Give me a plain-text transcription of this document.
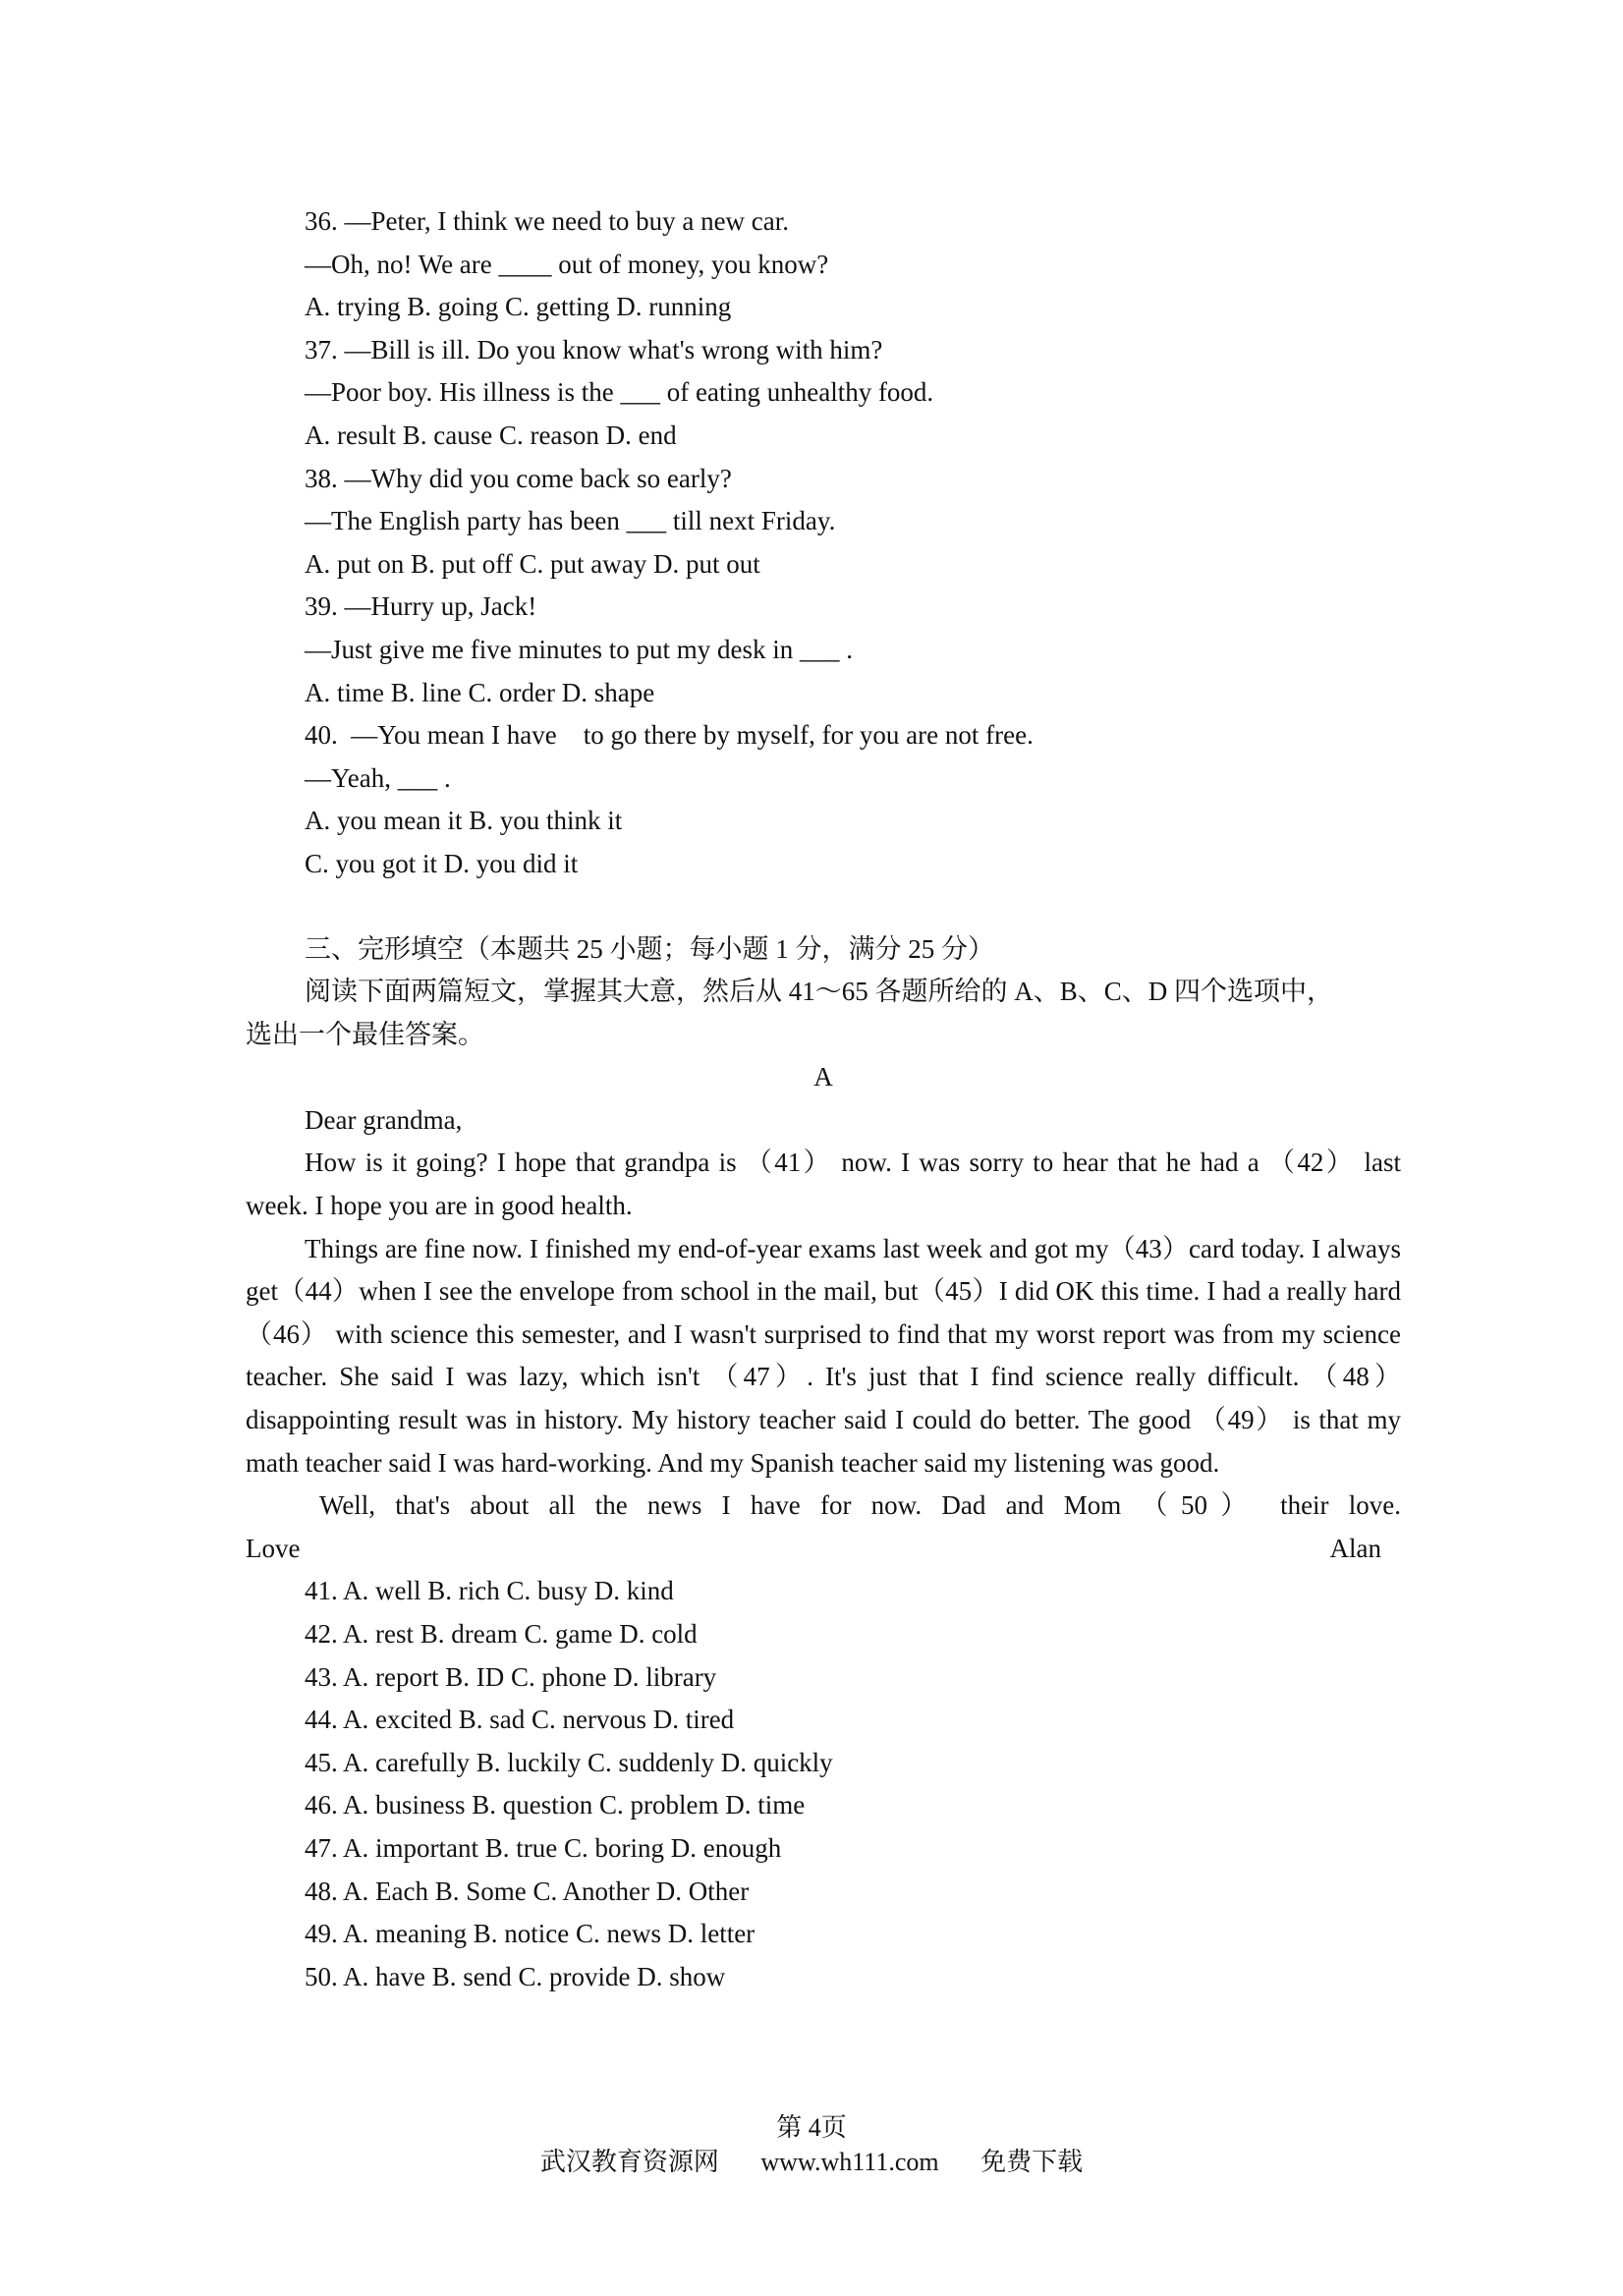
36. —Peter, I think we need to buy a new car.
—Oh, no! We are ____ out of money, you know?
A. trying B. going C. getting D. running
37. —Bill is ill. Do you know what's wrong with him?
—Poor boy. His illness is the ___ of eating unhealthy food.
A. result B. cause C. reason D. end
38. —Why did you come back so early?
—The English party has been ___ till next Friday.
A. put on B. put off C. put away D. put out
39. —Hurry up, Jack!
—Just give me five minutes to put my desk in ___ .
A. time B. line C. order D. shape
40.  —You mean I have    to go there by myself, for you are not free.
—Yeah, ___ .
A. you mean it B. you think it
C. you got it D. you did it
三、完形填空（本题共 25 小题；每小题 1 分，满分 25 分）
阅读下面两篇短文，掌握其大意，然后从 41～65 各题所给的 A、B、C、D 四个选项中，
选出一个最佳答案。
A
Dear grandma,
How is it going? I hope that grandpa is （41） now. I was sorry to hear that he had a （42） last week. I hope you are in good health.
Things are fine now. I finished my end-of-year exams last week and got my（43）card today. I always get（44）when I see the envelope from school in the mail, but（45）I did OK this time. I had a really hard （46） with science this semester, and I wasn't surprised to find that my worst report was from my science teacher. She said I was lazy, which isn't （47）. It's just that I find science really difficult. （48） disappointing result was in history. My history teacher said I could do better. The good （49） is that my math teacher said I was hard-working. And my Spanish teacher said my listening was good.
Well, that's about all the news I have for now. Dad and Mom （50） their love.
Love	Alan
41. A. well B. rich C. busy D. kind
42. A. rest B. dream C. game D. cold
43. A. report B. ID C. phone D. library
44. A. excited B. sad C. nervous D. tired
45. A. carefully B. luckily C. suddenly D. quickly
46. A. business B. question C. problem D. time
47. A. important B. true C. boring D. enough
48. A. Each B. Some C. Another D. Other
49. A. meaning B. notice C. news D. letter
50. A. have B. send C. provide D. show
第 4页
武汉教育资源网 www.wh111.com 免费下载
